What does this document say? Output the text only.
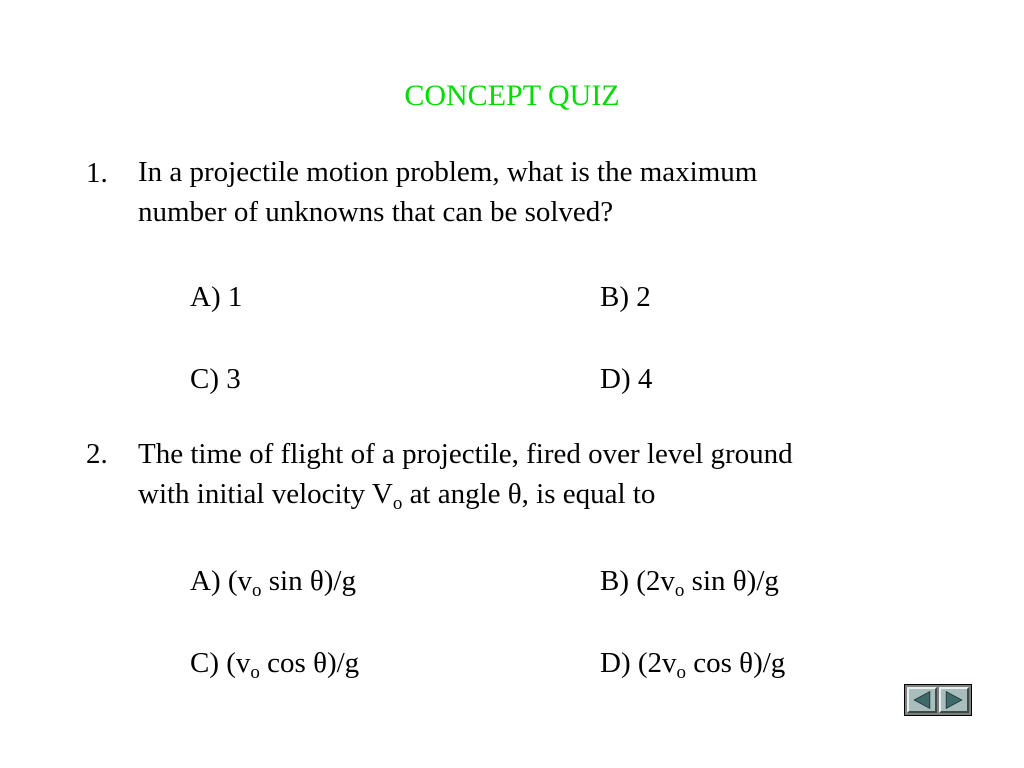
CONCEPT QUIZ
1. In a projectile motion problem, what is the maximum
number of unknowns that can be solved?
A) 1	B) 2
C) 3	D) 4
2. The time of flight of a projectile, fired over level ground
with initial velocity $V_o$ at angle θ, is equal to
A) ($v_o$ sin θ)/g	B) ($2v_o$ sin θ)/g
C) ($v_o$ cos θ)/g	D) ($2v_o$ cos θ)/g
